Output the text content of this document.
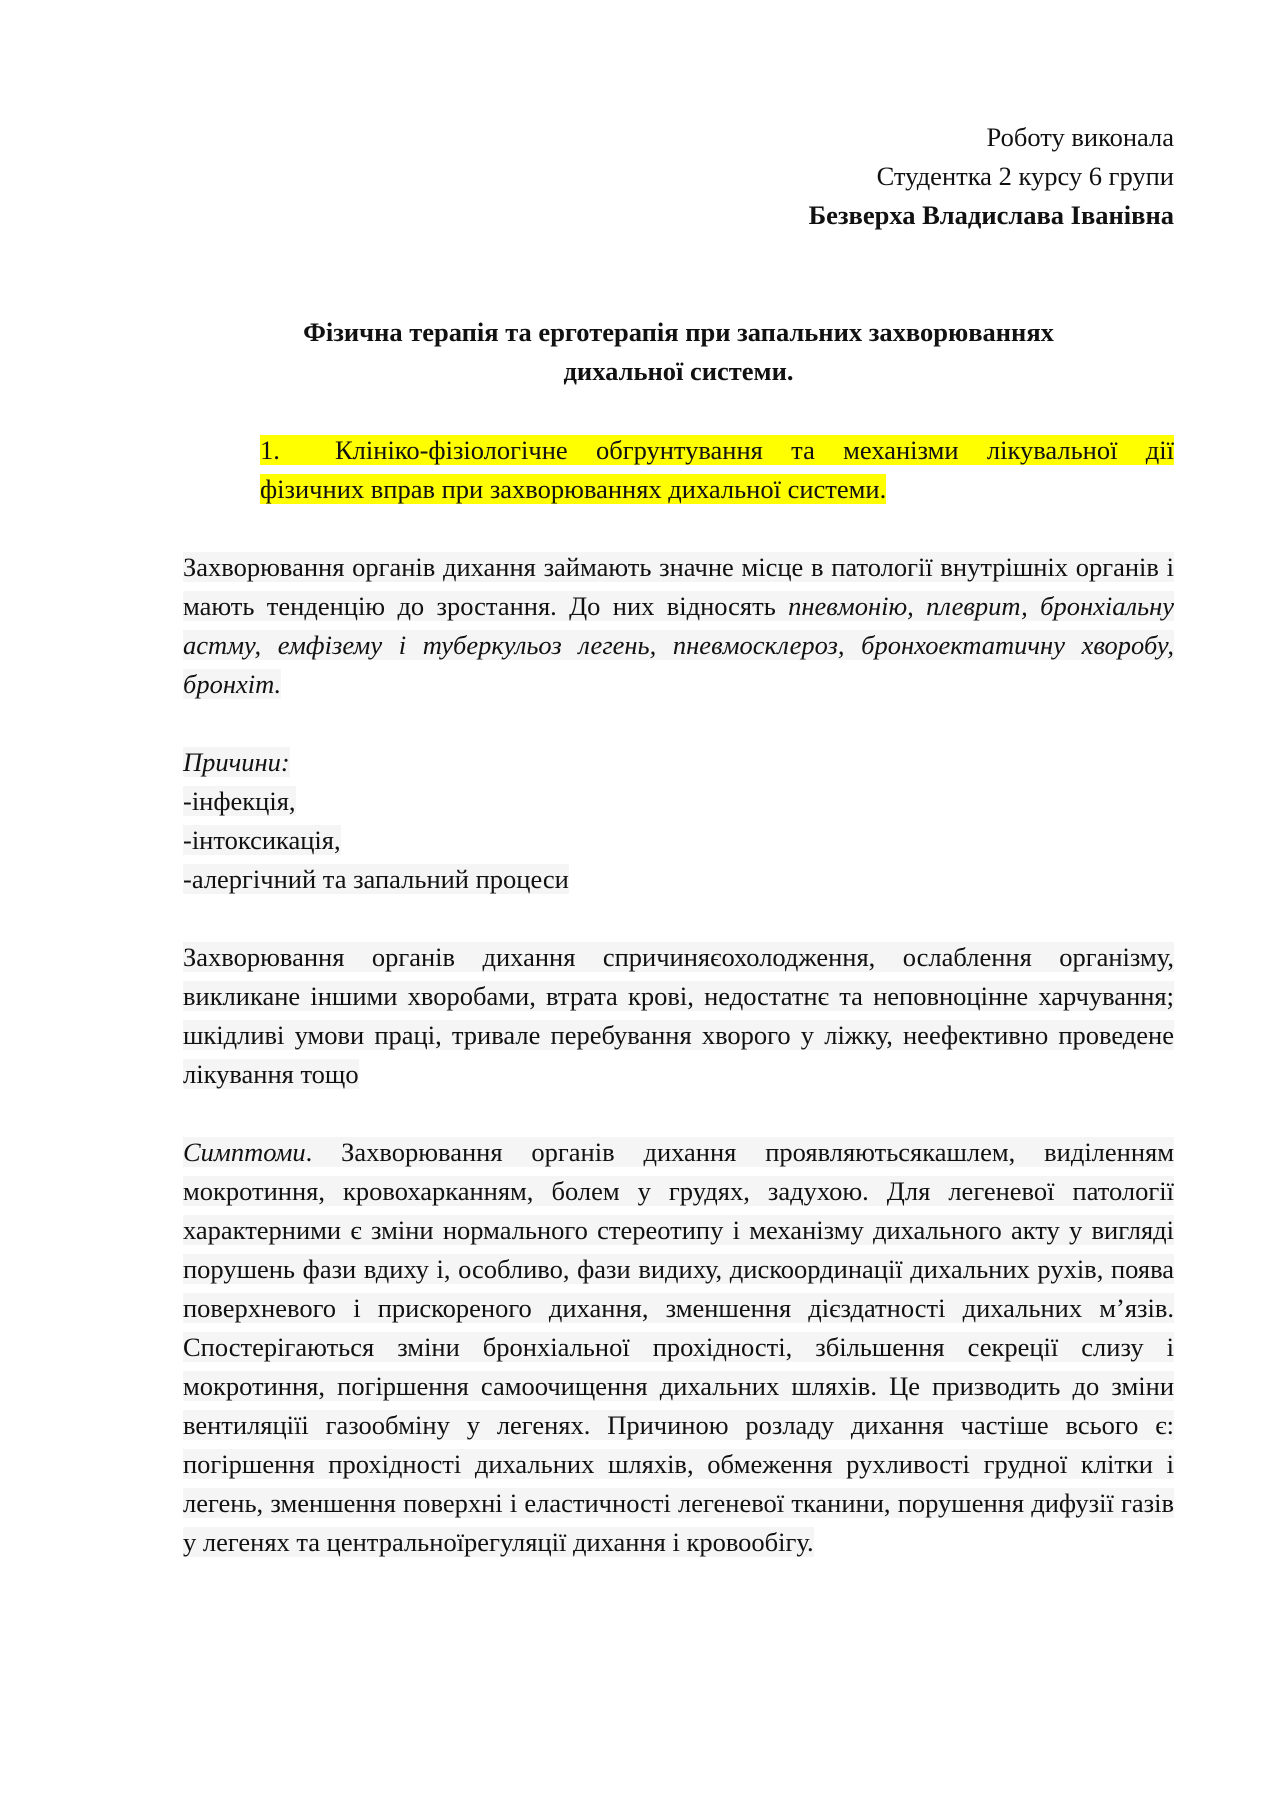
Роботу виконала
Студентка 2 курсу 6 групи
Безверха Владислава Іванівна
Фізична терапія та ерготерапія при запальних захворюваннях дихальної системи.
1. Клініко-фізіологічне обгрунтування та механізми лікувальної дії фізичних вправ при захворюваннях дихальної системи.
Захворювання органів дихання займають значне місце в патології внутрішніх органів і мають тенденцію до зростання. До них відносять пневмонію, плеврит, бронхіальну астму, емфізему і туберкульоз легень, пневмосклероз, бронхоектатичну хворобу, бронхіт.
Причини:
-інфекція,
-інтоксикація,
-алергічний та запальний процеси
Захворювання органів дихання спричиняєохолодження, ослаблення організму, викликане іншими хворобами, втрата крові, недостатнє та неповноцінне харчування; шкідливі умови праці, тривале перебування хворого у ліжку, неефективно проведене лікування тощо
Симптоми. Захворювання органів дихання проявляютьсякашлем, виділенням мокротиння, кровохарканням, болем у грудях, задухою. Для легеневої патології характерними є зміни нормального стереотипу і механізму дихального акту у вигляді порушень фази вдиху і, особливо, фази видиху, дискоординації дихальних рухів, поява поверхневого і прискореного дихання, зменшення дієздатності дихальних м’язів. Спостерігаються зміни бронхіальної прохідності, збільшення секреції слизу і мокротиння, погіршення самоочищення дихальних шляхів. Це призводить до зміни вентиляціїі газообміну у легенях. Причиною розладу дихання частіше всього є: погіршення прохідності дихальних шляхів, обмеження рухливості грудної клітки і легень, зменшення поверхні і еластичності легеневої тканини, порушення дифузії газів у легенях та центральноїрегуляції дихання і кровообігу.
